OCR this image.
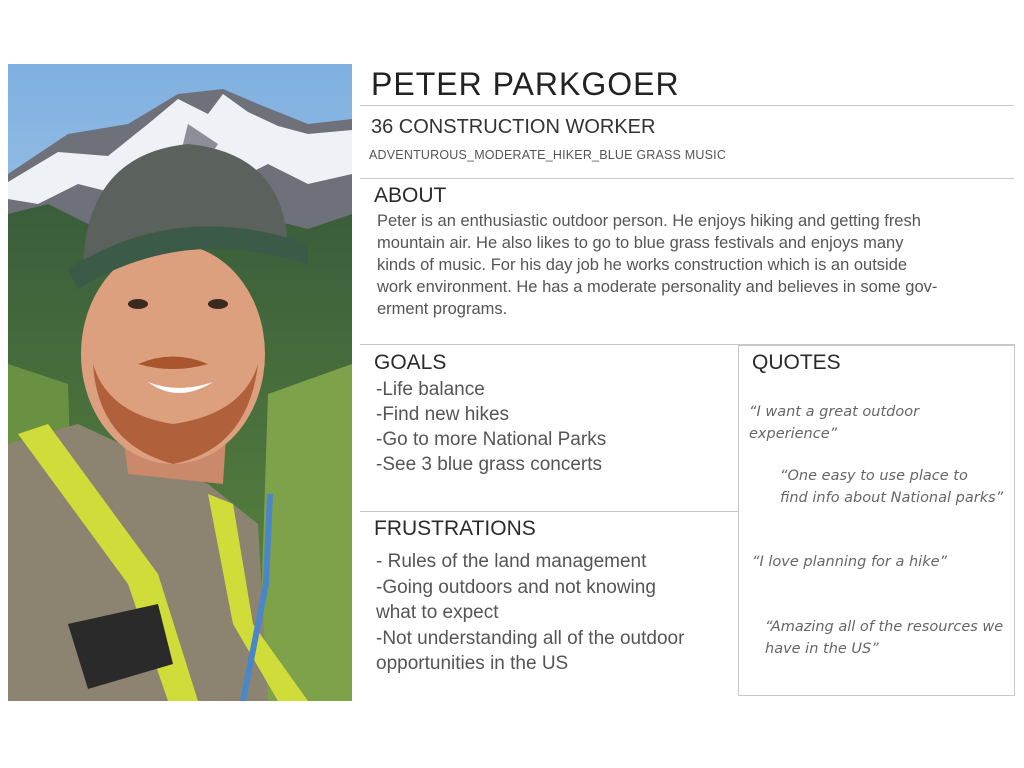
PETER PARKGOER
36 CONSTRUCTION WORKER
ADVENTUROUS_MODERATE_HIKER_BLUE GRASS MUSIC
ABOUT
Peter is an enthusiastic outdoor person. He enjoys hiking and getting fresh
mountain air. He also likes to go to blue grass festivals and enjoys many
kinds of music. For his day job he works construction which is an outside
work environment. He has a moderate personality and believes in some gov-
erment programs.
GOALS
-Life balance
-Find new hikes
-Go to more National Parks
-See 3 blue grass concerts
FRUSTRATIONS
- Rules of the land management
-Going outdoors and not knowing
what to expect
-Not understanding all of the outdoor
opportunities in the US
QUOTES
“I want a great outdoor
experience”
“One easy to use place to
find info about National parks”
“I love planning for a hike”
“Amazing all of the resources we
have in the US”
